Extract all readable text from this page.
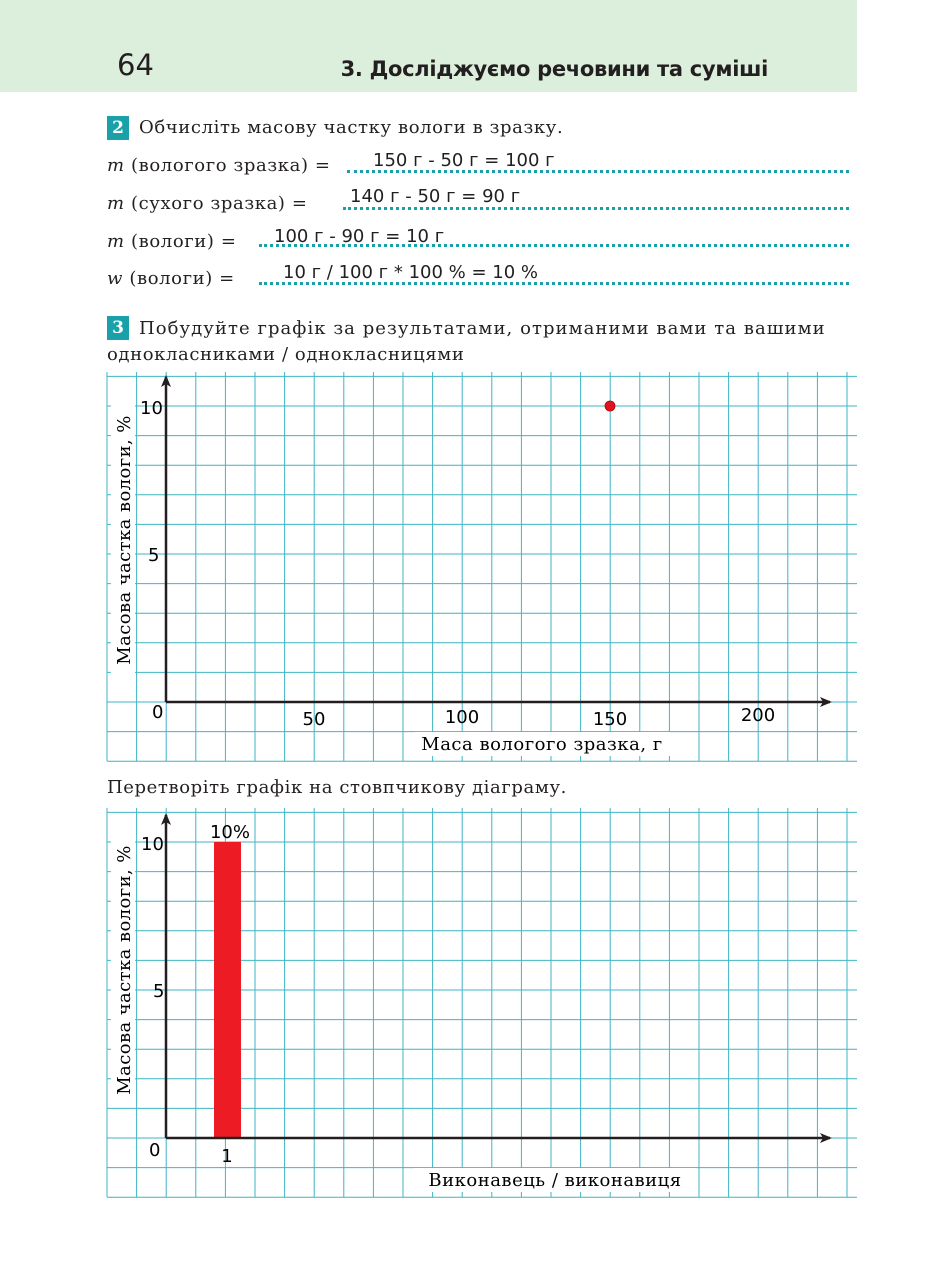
64	3. Досліджуємо речовини та суміші
2 Обчисліть масову частку вологи в зразку.
m (вологого зразка) = 150 г - 50 г = 100 г
m (сухого зразка) = 140 г - 50 г = 90 г
m (вологи) = 100 г - 90 г = 10 г
w (вологи) =	10 г / 100 г * 100 % = 10 %
3 Побудуйте графік за результатами, отриманими вами та вашими
однокласниками / однокласницями
0	50	100	150	200
5
10
Маса вологого зразка, г
Масова частка вологи, %
0	1
10%
5
10
Виконавець / виконавиця
Масова частка вологи, %
Перетворіть графік на стовпчикову діаграму.
